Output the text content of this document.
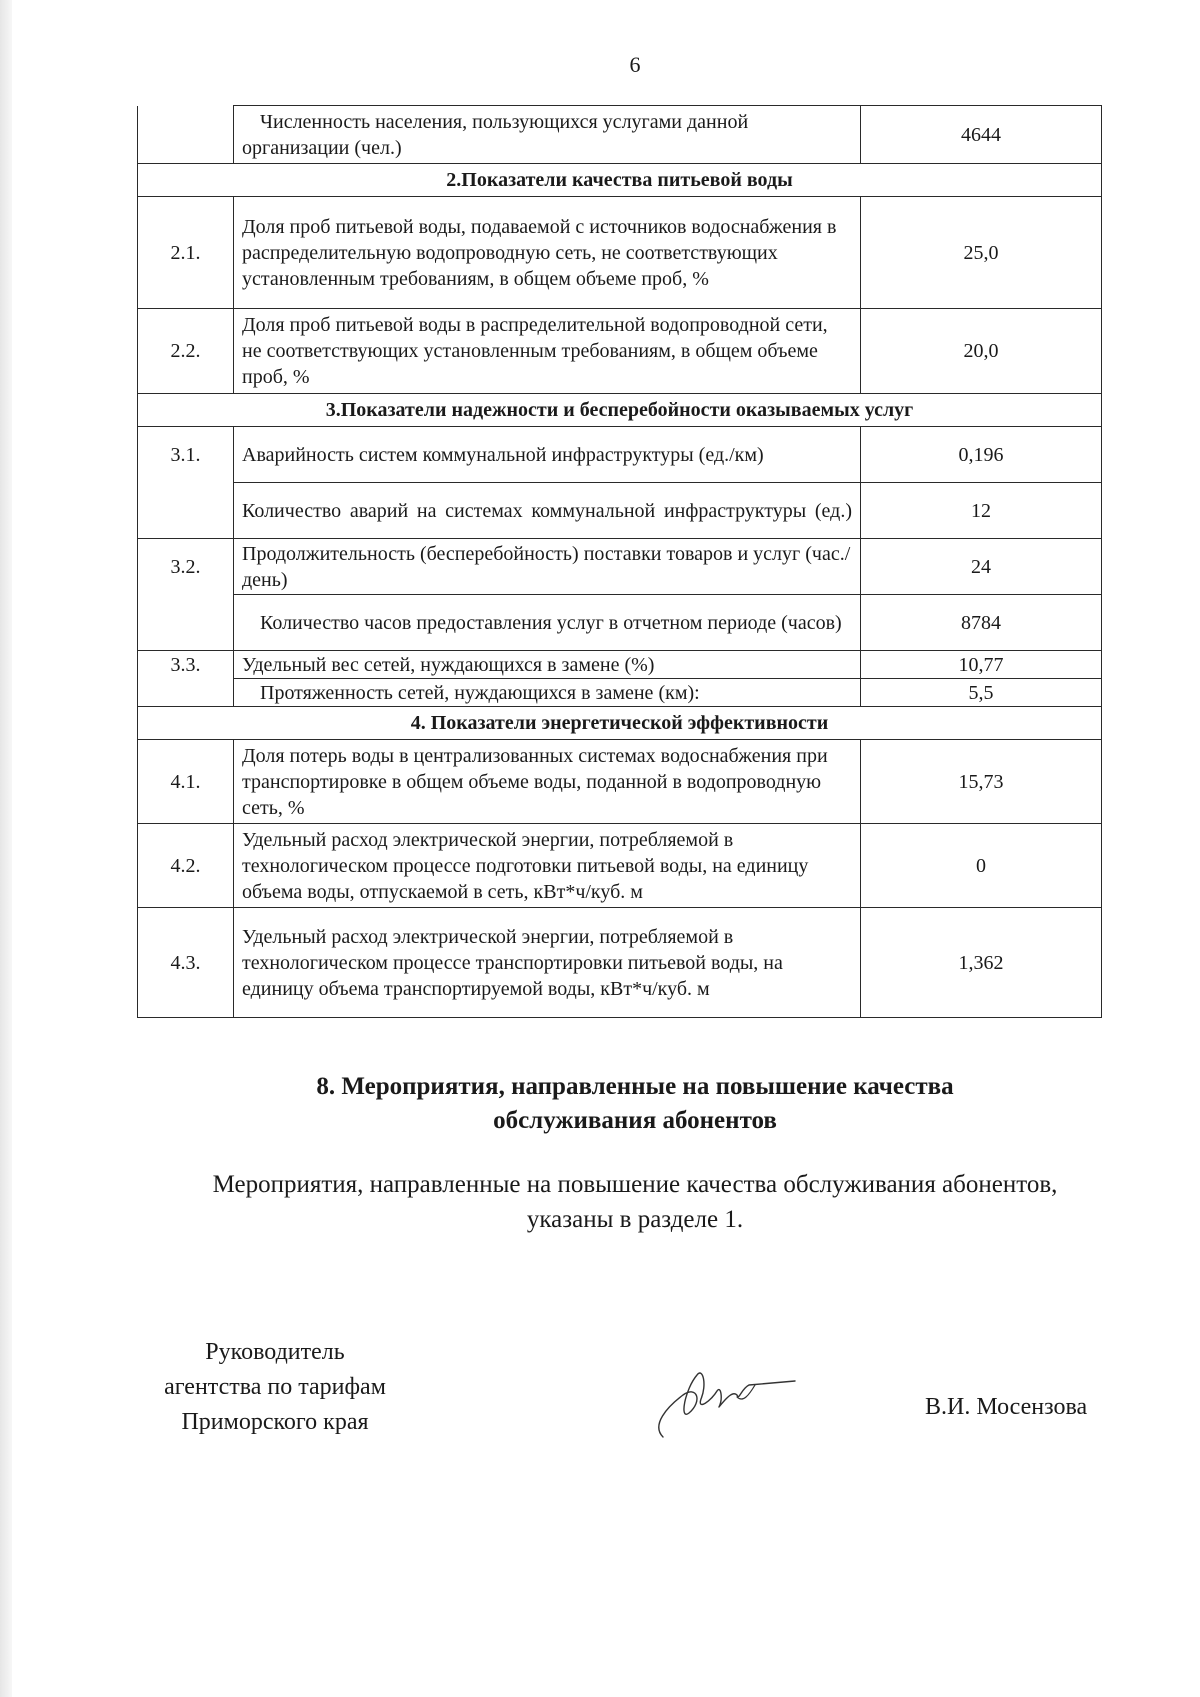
6
	Численность населения, пользующихся услугами данной организации (чел.)	4644
2.Показатели качества питьевой воды		
2.1.	Доля проб питьевой воды, подаваемой с источников водоснабжения в распределительную водопроводную сеть, не соответствующих установленным требованиям, в общем объеме проб, %	25,0
2.2.	Доля проб питьевой воды в распределительной водопроводной сети, не соответствующих установленным требованиям, в общем объеме проб, %	20,0
3.Показатели надежности и бесперебойности оказываемых услуг		
3.1.	Аварийность систем коммунальной инфраструктуры (ед./км)	0,196
	Количество аварий на системах коммунальной инфраструктуры (ед.)	12
3.2.	Продолжительность (бесперебойность) поставки товаров и услуг (час./день)	24
	Количество часов предоставления услуг в отчетном периоде (часов)	8784
3.3.	Удельный вес сетей, нуждающихся в замене (%)	10,77
	Протяженность сетей, нуждающихся в замене (км):	5,5
4. Показатели энергетической эффективности		
4.1.	Доля потерь воды в централизованных системах водоснабжения при транспортировке в общем объеме воды, поданной в водопроводную сеть, %	15,73
4.2.	Удельный расход электрической энергии, потребляемой в технологическом процессе подготовки питьевой воды, на единицу объема воды, отпускаемой в сеть, кВт*ч/куб. м	0
4.3.	Удельный расход электрической энергии, потребляемой в технологическом процессе транспортировки питьевой воды, на единицу объема транспортируемой воды, кВт*ч/куб. м	1,362
8. Мероприятия, направленные на повышение качества
обслуживания абонентов
Мероприятия, направленные на повышение качества обслуживания абонентов,
указаны в разделе 1.
Руководитель
агентства по тарифам
Приморского края
В.И. Мосензова
